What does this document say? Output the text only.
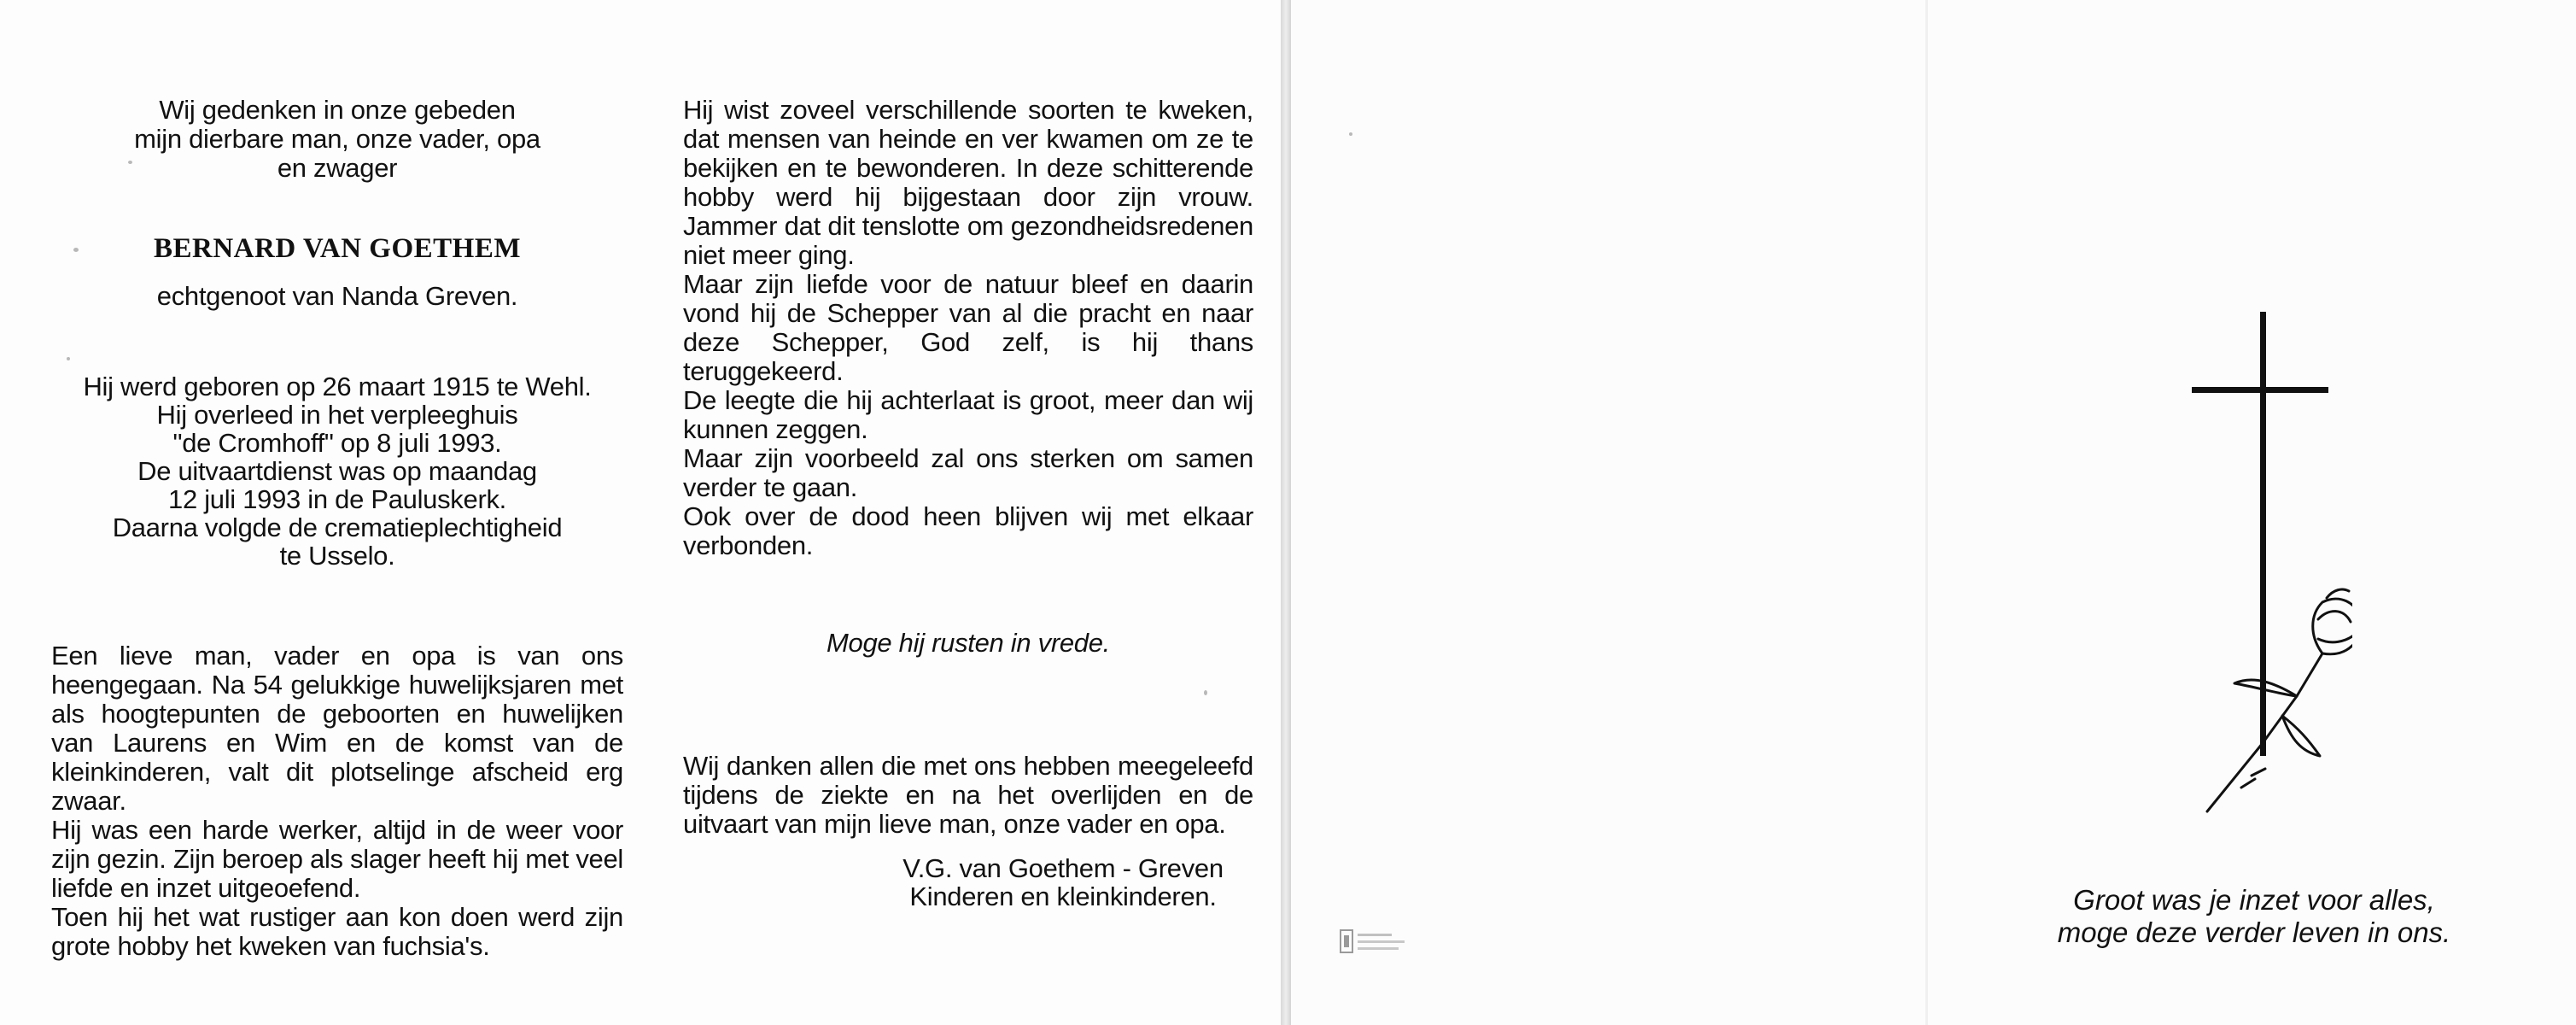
Wij gedenken in onze gebeden
mijn dierbare man, onze vader, opa
en zwager
BERNARD VAN GOETHEM
echtgenoot van Nanda Greven.
Hij werd geboren op 26 maart 1915 te Wehl.
Hij overleed in het verpleeghuis
"de Cromhoff" op 8 juli 1993.
De uitvaartdienst was op maandag
12 juli 1993 in de Pauluskerk.
Daarna volgde de crematieplechtigheid
te Usselo.

Een lieve man, vader en opa is van ons heengegaan. Na 54 gelukkige huwelijksjaren met als hoogtepunten de geboorten en huwelijken van Laurens en Wim en de komst van de kleinkinderen, valt dit plotselinge afscheid erg zwaar.

Hij was een harde werker, altijd in de weer voor zijn gezin. Zijn beroep als slager heeft hij met veel liefde en inzet uitgeoefend.

Toen hij het wat rustiger aan kon doen werd zijn grote hobby het kweken van fuchsia's.

Hij wist zoveel verschillende soorten te kweken, dat mensen van heinde en ver kwamen om ze te bekijken en te bewonderen. In deze schitterende hobby werd hij bijgestaan door zijn vrouw. Jammer dat dit tenslotte om gezondheidsredenen niet meer ging.

Maar zijn liefde voor de natuur bleef en daarin vond hij de Schepper van al die pracht en naar deze Schepper, God zelf, is hij thans teruggekeerd.

De leegte die hij achterlaat is groot, meer dan wij kunnen zeggen.

Maar zijn voorbeeld zal ons sterken om samen verder te gaan.

Ook over de dood heen blijven wij met elkaar verbonden.

Moge hij rusten in vrede.
Wij danken allen die met ons hebben meegeleefd tijdens de ziekte en na het overlijden en de uitvaart van mijn lieve man, onze vader en opa.
V.G. van Goethem - Greven
Kinderen en kleinkinderen.	Groot was je inzet voor alles,
moge deze verder leven in ons.
